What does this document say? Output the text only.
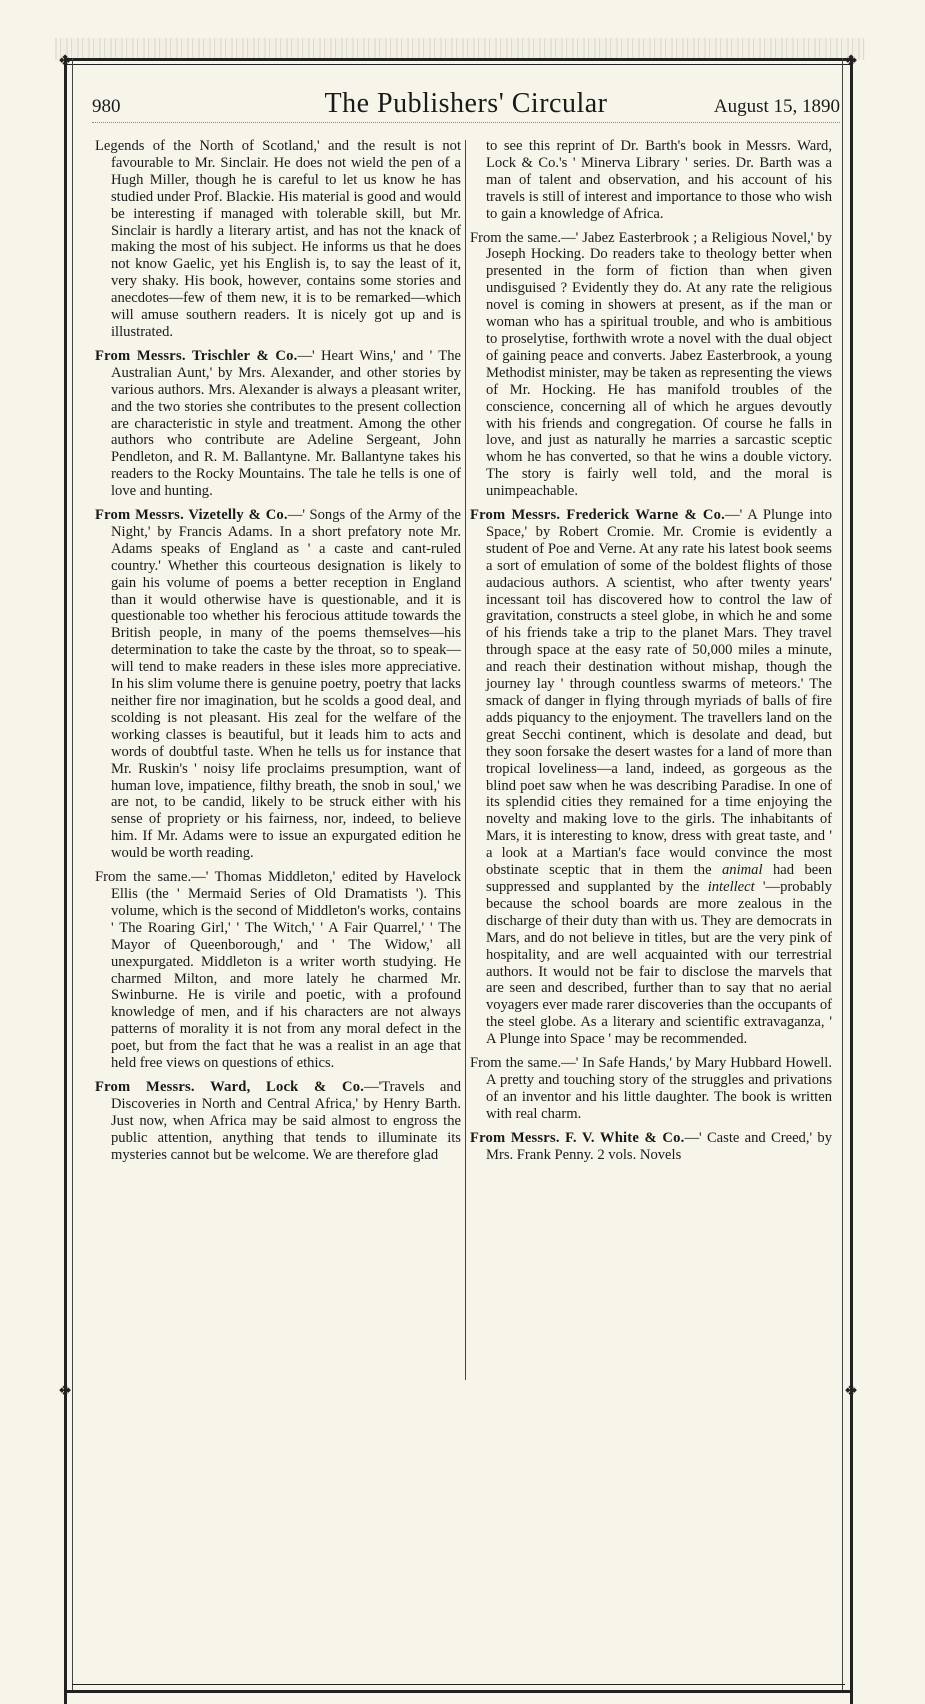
❖	❖
❖	❖
980	The Publishers' Circular	August 15, 1890

Legends of the North of Scotland,' and the result is not favourable to Mr. Sinclair. He does not wield the pen of a Hugh Miller, though he is careful to let us know he has studied under Prof. Blackie. His material is good and would be interesting if managed with tolerable skill, but Mr. Sinclair is hardly a literary artist, and has not the knack of making the most of his subject. He informs us that he does not know Gaelic, yet his English is, to say the least of it, very shaky. His book, however, contains some stories and anecdotes—few of them new, it is to be remarked—which will amuse southern readers. It is nicely got up and is illustrated.

From Messrs. Trischler & Co.—' Heart Wins,' and ' The Australian Aunt,' by Mrs. Alexander, and other stories by various authors. Mrs. Alexander is always a pleasant writer, and the two stories she contributes to the present collection are characteristic in style and treatment. Among the other authors who contribute are Adeline Sergeant, John Pendleton, and R. M. Ballantyne. Mr. Ballantyne takes his readers to the Rocky Mountains. The tale he tells is one of love and hunting.

From Messrs. Vizetelly & Co.—' Songs of the Army of the Night,' by Francis Adams. In a short prefatory note Mr. Adams speaks of England as ' a caste and cant-ruled country.' Whether this courteous designation is likely to gain his volume of poems a better reception in England than it would otherwise have is questionable, and it is questionable too whether his ferocious attitude towards the British people, in many of the poems themselves—his determination to take the caste by the throat, so to speak—will tend to make readers in these isles more appreciative. In his slim volume there is genuine poetry, poetry that lacks neither fire nor imagination, but he scolds a good deal, and scolding is not pleasant. His zeal for the welfare of the working classes is beautiful, but it leads him to acts and words of doubtful taste. When he tells us for instance that Mr. Ruskin's ' noisy life proclaims presumption, want of human love, impatience, filthy breath, the snob in soul,' we are not, to be candid, likely to be struck either with his sense of propriety or his fairness, nor, indeed, to believe him. If Mr. Adams were to issue an expurgated edition he would be worth reading.

From the same.—' Thomas Middleton,' edited by Havelock Ellis (the ' Mermaid Series of Old Dramatists '). This volume, which is the second of Middleton's works, contains ' The Roaring Girl,' ' The Witch,' ' A Fair Quarrel,' ' The Mayor of Queenborough,' and ' The Widow,' all unexpurgated. Middleton is a writer worth studying. He charmed Milton, and more lately he charmed Mr. Swinburne. He is virile and poetic, with a profound knowledge of men, and if his characters are not always patterns of morality it is not from any moral defect in the poet, but from the fact that he was a realist in an age that held free views on questions of ethics.

From Messrs. Ward, Lock & Co.—'Travels and Discoveries in North and Central Africa,' by Henry Barth. Just now, when Africa may be said almost to engross the public attention, anything that tends to illuminate its mysteries cannot but be welcome. We are therefore glad

to see this reprint of Dr. Barth's book in Messrs. Ward, Lock & Co.'s ' Minerva Library ' series. Dr. Barth was a man of talent and observation, and his account of his travels is still of interest and importance to those who wish to gain a knowledge of Africa.

From the same.—' Jabez Easterbrook ; a Religious Novel,' by Joseph Hocking. Do readers take to theology better when presented in the form of fiction than when given undisguised ? Evidently they do. At any rate the religious novel is coming in showers at present, as if the man or woman who has a spiritual trouble, and who is ambitious to proselytise, forthwith wrote a novel with the dual object of gaining peace and converts. Jabez Easterbrook, a young Methodist minister, may be taken as representing the views of Mr. Hocking. He has manifold troubles of the conscience, concerning all of which he argues devoutly with his friends and congregation. Of course he falls in love, and just as naturally he marries a sarcastic sceptic whom he has converted, so that he wins a double victory. The story is fairly well told, and the moral is unimpeachable.

From Messrs. Frederick Warne & Co.—' A Plunge into Space,' by Robert Cromie. Mr. Cromie is evidently a student of Poe and Verne. At any rate his latest book seems a sort of emulation of some of the boldest flights of those audacious authors. A scientist, who after twenty years' incessant toil has discovered how to control the law of gravitation, constructs a steel globe, in which he and some of his friends take a trip to the planet Mars. They travel through space at the easy rate of 50,000 miles a minute, and reach their destination without mishap, though the journey lay ' through countless swarms of meteors.' The smack of danger in flying through myriads of balls of fire adds piquancy to the enjoyment. The travellers land on the great Secchi continent, which is desolate and dead, but they soon forsake the desert wastes for a land of more than tropical loveliness—a land, indeed, as gorgeous as the blind poet saw when he was describing Paradise. In one of its splendid cities they remained for a time enjoying the novelty and making love to the girls. The inhabitants of Mars, it is interesting to know, dress with great taste, and ' a look at a Martian's face would convince the most obstinate sceptic that in them the animal had been suppressed and supplanted by the intellect '—probably because the school boards are more zealous in the discharge of their duty than with us. They are democrats in Mars, and do not believe in titles, but are the very pink of hospitality, and are well acquainted with our terrestrial authors. It would not be fair to disclose the marvels that are seen and described, further than to say that no aerial voyagers ever made rarer discoveries than the occupants of the steel globe. As a literary and scientific extravaganza, ' A Plunge into Space ' may be recommended.

From the same.—' In Safe Hands,' by Mary Hubbard Howell. A pretty and touching story of the struggles and privations of an inventor and his little daughter. The book is written with real charm.

From Messrs. F. V. White & Co.—' Caste and Creed,' by Mrs. Frank Penny. 2 vols. Novels
